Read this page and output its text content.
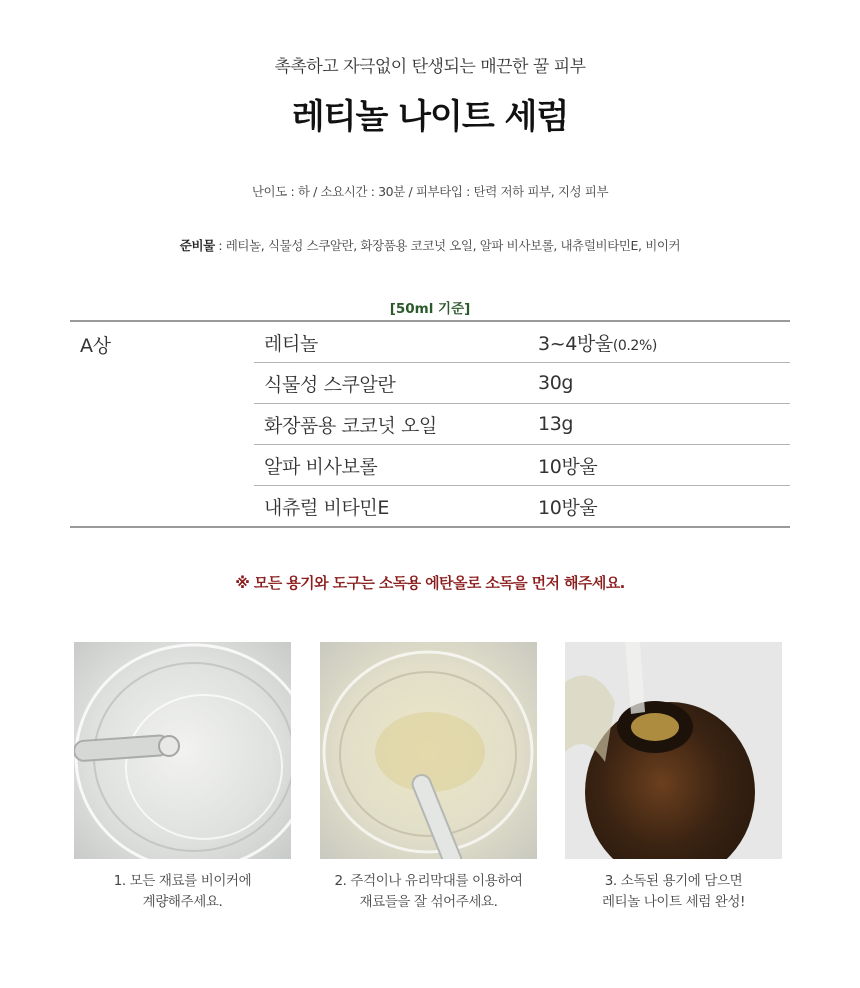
촉촉하고 자극없이 탄생되는 매끈한 꿀 피부
레티놀 나이트 세럼
난이도 : 하 / 소요시간 : 30분 / 피부타입 : 탄력 저하 피부, 지성 피부
준비물 : 레티놀, 식물성 스쿠알란, 화장품용 코코넛 오일, 알파 비사보롤, 내츄럴비타민E, 비이커
[50ml 기준]
A상	레티놀	3~4방울(0.2%)
	식물성 스쿠알란	30g
	화장품용 코코넛 오일	13g
	알파 비사보롤	10방울
	내츄럴 비타민E	10방울
※ 모든 용기와 도구는 소독용 에탄올로 소독을 먼저 해주세요.
1. 모든 재료를 비이커에
계량해주세요.
2. 주걱이나 유리막대를 이용하여
재료들을 잘 섞어주세요.
3. 소독된 용기에 담으면
레티놀 나이트 세럼 완성!
